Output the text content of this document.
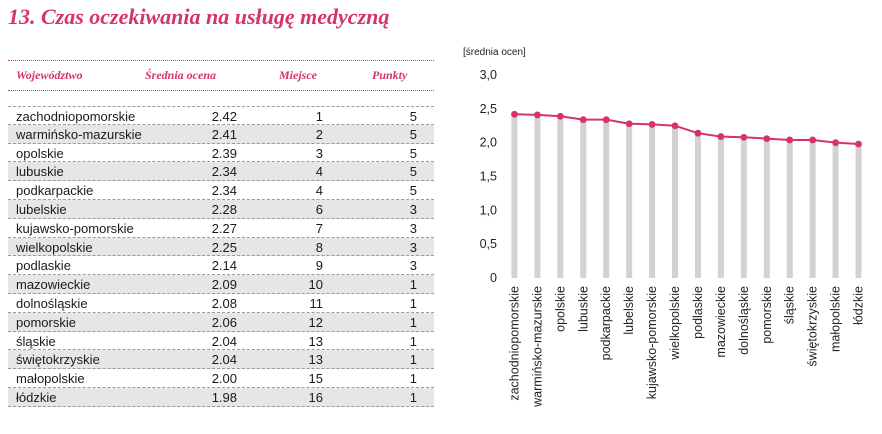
13. Czas oczekiwania na usługę medyczną
Województwo	Średnia ocena	Miejsce	Punkty
zachodniopomorskie	2.42	1	5
warmińsko-mazurskie	2.41	2	5
opolskie	2.39	3	5
lubuskie	2.34	4	5
podkarpackie	2.34	4	5
lubelskie	2.28	6	3
kujawsko-pomorskie	2.27	7	3
wielkopolskie	2.25	8	3
podlaskie	2.14	9	3
mazowieckie	2.09	10	1
dolnośląskie	2.08	11	1
pomorskie	2.06	12	1
śląskie	2.04	13	1
świętokrzyskie	2.04	13	1
małopolskie	2.00	15	1
łódzkie	1.98	16	1
[średnia ocen]
0
0,5
1,0
1,5
2,0
2,5
3,0
zachodniopomorskie warmińsko-mazurskie opolskie lubuskie podkarpackie lubelskie kujawsko-pomorskie wielkopolskie podlaskie mazowieckie dolnośląskie pomorskie śląskie świętokrzyskie małopolskie łódzkie
